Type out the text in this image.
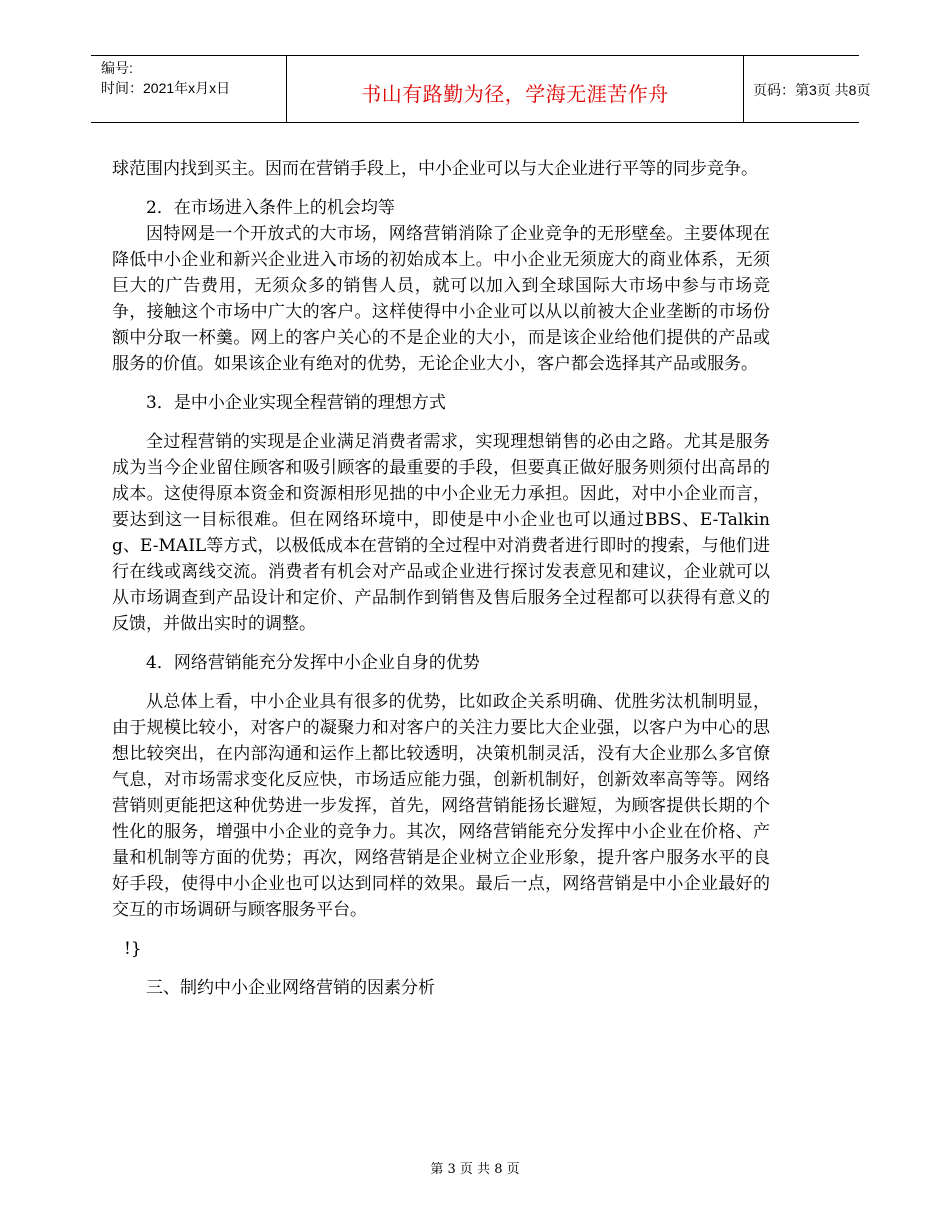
编号:
时间：2021年x月x日	书山有路勤为径，学海无涯苦作舟	页码：第3页 共8页

球范围内找到买主。因而在营销手段上，中小企业可以与大企业进行平等的同步竞争。

2．在市场进入条件上的机会均等

因特网是一个开放式的大市场，网络营销消除了企业竞争的无形壁垒。主要体现在降低中小企业和新兴企业进入市场的初始成本上。中小企业无须庞大的商业体系，无须巨大的广告费用，无须众多的销售人员，就可以加入到全球国际大市场中参与市场竞争，接触这个市场中广大的客户。这样使得中小企业可以从以前被大企业垄断的市场份额中分取一杯羹。网上的客户关心的不是企业的大小，而是该企业给他们提供的产品或服务的价值。如果该企业有绝对的优势，无论企业大小，客户都会选择其产品或服务。

3．是中小企业实现全程营销的理想方式

全过程营销的实现是企业满足消费者需求，实现理想销售的必由之路。尤其是服务成为当今企业留住顾客和吸引顾客的最重要的手段，但要真正做好服务则须付出高昂的成本。这使得原本资金和资源相形见拙的中小企业无力承担。因此，对中小企业而言，要达到这一目标很难。但在网络环境中，即使是中小企业也可以通过BBS、E-Talking、E-MAIL等方式，以极低成本在营销的全过程中对消费者进行即时的搜索，与他们进行在线或离线交流。消费者有机会对产品或企业进行探讨发表意见和建议，企业就可以从市场调查到产品设计和定价、产品制作到销售及售后服务全过程都可以获得有意义的反馈，并做出实时的调整。

4．网络营销能充分发挥中小企业自身的优势

从总体上看，中小企业具有很多的优势，比如政企关系明确、优胜劣汰机制明显，由于规模比较小，对客户的凝聚力和对客户的关注力要比大企业强，以客户为中心的思想比较突出，在内部沟通和运作上都比较透明，决策机制灵活，没有大企业那么多官僚气息，对市场需求变化反应快，市场适应能力强，创新机制好，创新效率高等等。网络营销则更能把这种优势进一步发挥，首先，网络营销能扬长避短，为顾客提供长期的个性化的服务，增强中小企业的竞争力。其次，网络营销能充分发挥中小企业在价格、产量和机制等方面的优势；再次，网络营销是企业树立企业形象，提升客户服务水平的良好手段，使得中小企业也可以达到同样的效果。最后一点，网络营销是中小企业最好的交互的市场调研与顾客服务平台。

!}

三、制约中小企业网络营销的因素分析

第 3 页 共 8 页
